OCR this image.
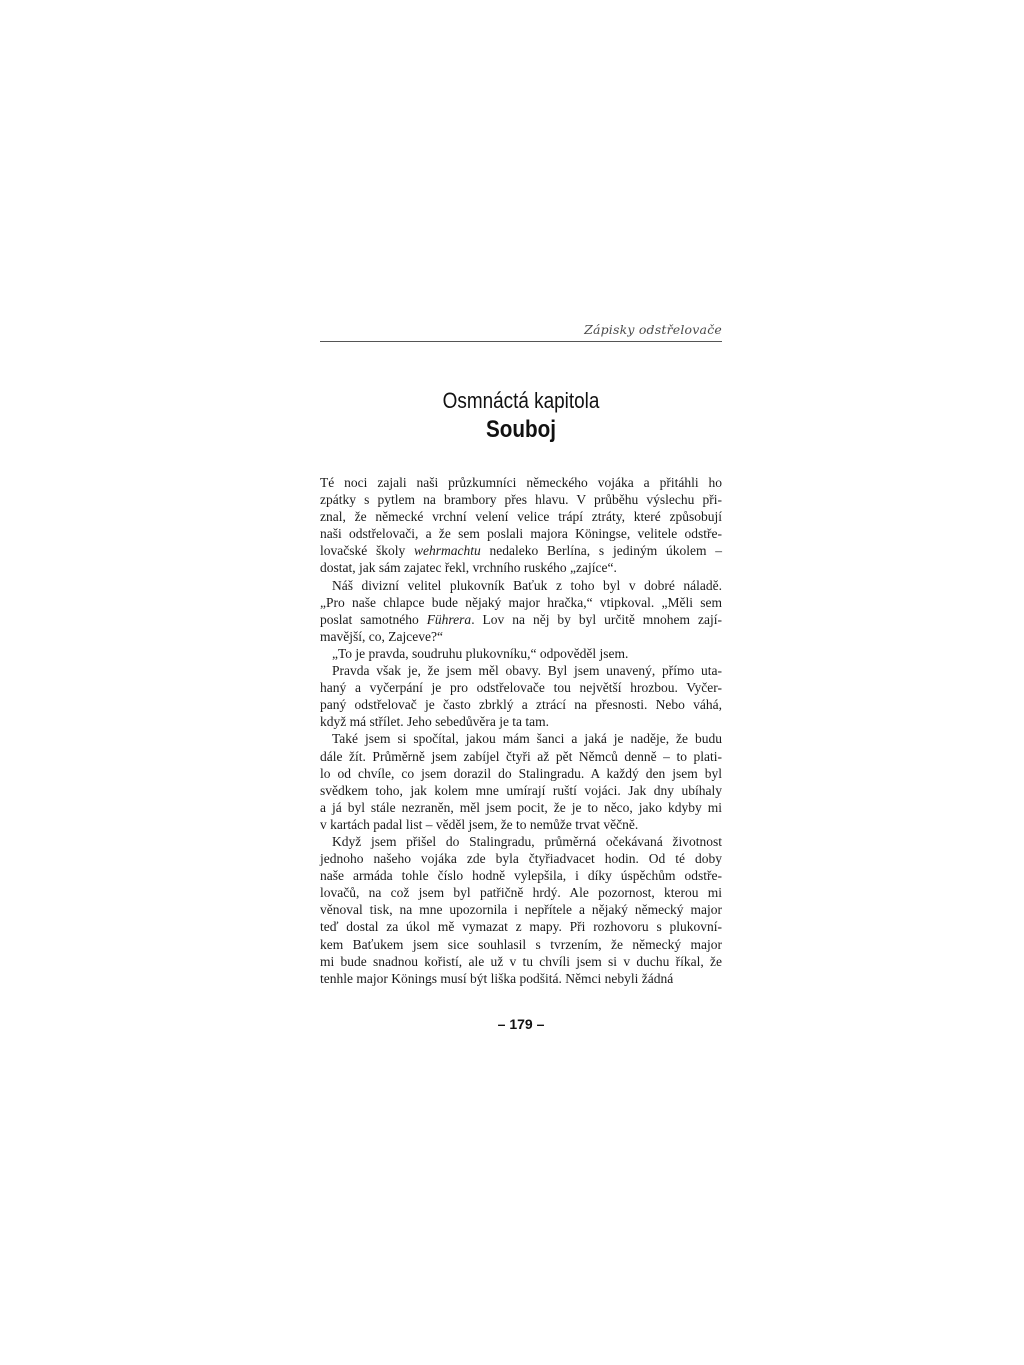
Zápisky odstřelovače
Osmnáctá kapitola
Souboj
Té noci zajali naši průzkumníci německého vojáka a přitáhli ho
zpátky s pytlem na brambory přes hlavu. V průběhu výslechu při-
znal, že německé vrchní velení velice trápí ztráty, které způsobují
naši odstřelovači, a že sem poslali majora Köningse, velitele odstře-
lovačské školy wehrmachtu nedaleko Berlína, s jediným úkolem –
dostat, jak sám zajatec řekl, vrchního ruského „zajíce“.
Náš divizní velitel plukovník Baťuk z toho byl v dobré náladě.
„Pro naše chlapce bude nějaký major hračka,“ vtipkoval. „Měli sem
poslat samotného Führera. Lov na něj by byl určitě mnohem zají-
mavější, co, Zajceve?“
„To je pravda, soudruhu plukovníku,“ odpověděl jsem.
Pravda však je, že jsem měl obavy. Byl jsem unavený, přímo uta-
haný a vyčerpání je pro odstřelovače tou největší hrozbou. Vyčer-
paný odstřelovač je často zbrklý a ztrácí na přesnosti. Nebo váhá,
když má střílet. Jeho sebedůvěra je ta tam.
Také jsem si spočítal, jakou mám šanci a jaká je naděje, že budu
dále žít. Průměrně jsem zabíjel čtyři až pět Němců denně – to plati-
lo od chvíle, co jsem dorazil do Stalingradu. A každý den jsem byl
svědkem toho, jak kolem mne umírají ruští vojáci. Jak dny ubíhaly
a já byl stále nezraněn, měl jsem pocit, že je to něco, jako kdyby mi
v kartách padal list – věděl jsem, že to nemůže trvat věčně.
Když jsem přišel do Stalingradu, průměrná očekávaná životnost
jednoho našeho vojáka zde byla čtyřiadvacet hodin. Od té doby
naše armáda tohle číslo hodně vylepšila, i díky úspěchům odstře-
lovačů, na což jsem byl patřičně hrdý. Ale pozornost, kterou mi
věnoval tisk, na mne upozornila i nepřítele a nějaký německý major
teď dostal za úkol mě vymazat z mapy. Při rozhovoru s plukovní-
kem Baťukem jsem sice souhlasil s tvrzením, že německý major
mi bude snadnou kořistí, ale už v tu chvíli jsem si v duchu říkal, že
tenhle major Könings musí být liška podšitá. Němci nebyli žádná
– 179 –
